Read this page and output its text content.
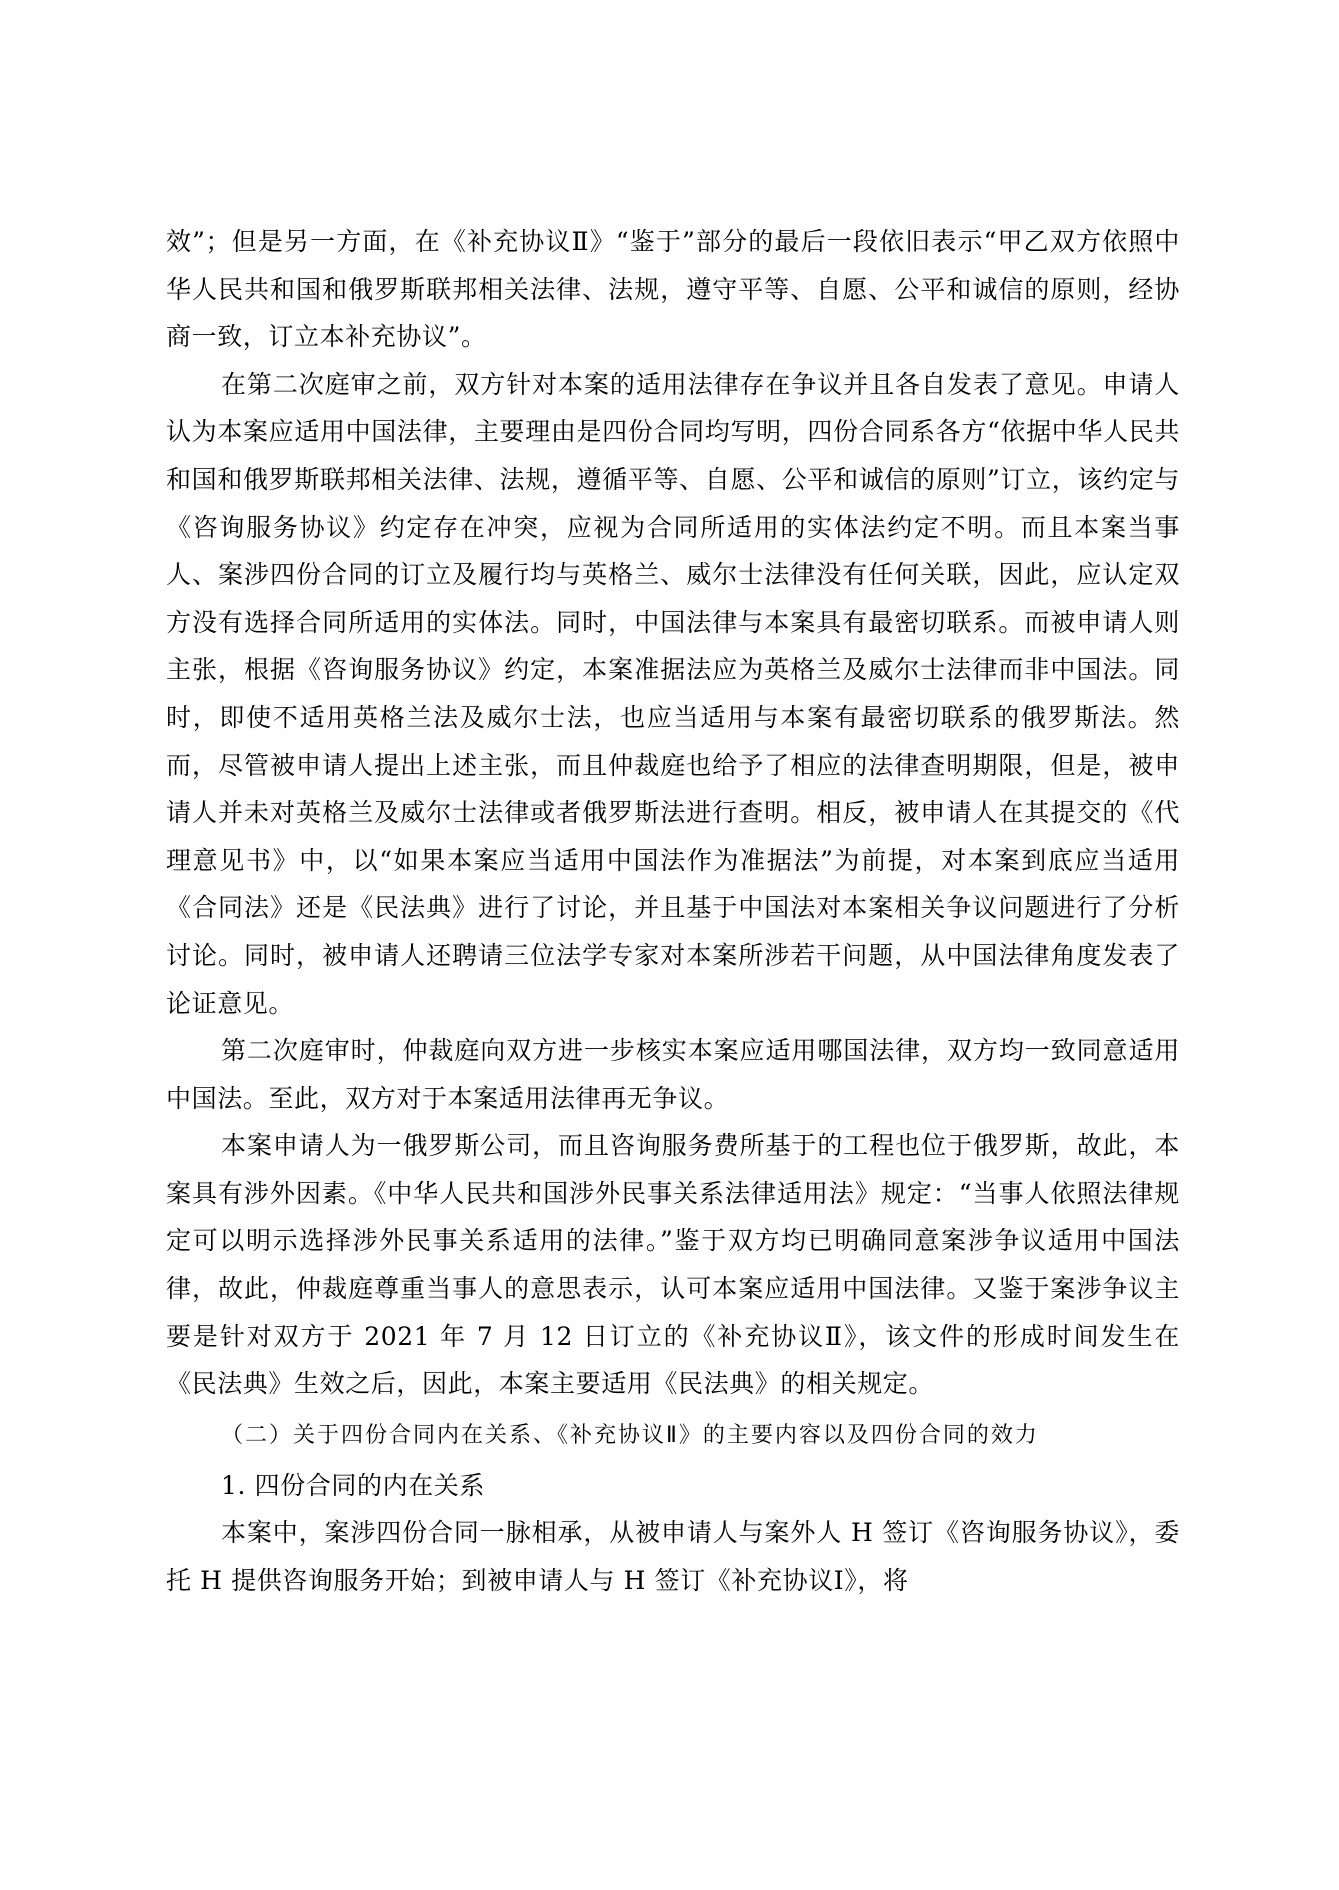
效”；但是另一方面，在《补充协议Ⅱ》“鉴于”部分的最后一段依旧表示“甲乙双方依照中华人民共和国和俄罗斯联邦相关法律、法规，遵守平等、自愿、公平和诚信的原则，经协商一致，订立本补充协议”。

在第二次庭审之前，双方针对本案的适用法律存在争议并且各自发表了意见。申请人认为本案应适用中国法律，主要理由是四份合同均写明，四份合同系各方“依据中华人民共和国和俄罗斯联邦相关法律、法规，遵循平等、自愿、公平和诚信的原则”订立，该约定与《咨询服务协议》约定存在冲突，应视为合同所适用的实体法约定不明。而且本案当事人、案涉四份合同的订立及履行均与英格兰、威尔士法律没有任何关联，因此，应认定双方没有选择合同所适用的实体法。同时，中国法律与本案具有最密切联系。而被申请人则主张，根据《咨询服务协议》约定，本案准据法应为英格兰及威尔士法律而非中国法。同时，即使不适用英格兰法及威尔士法，也应当适用与本案有最密切联系的俄罗斯法。然而，尽管被申请人提出上述主张，而且仲裁庭也给予了相应的法律查明期限，但是，被申请人并未对英格兰及威尔士法律或者俄罗斯法进行查明。相反，被申请人在其提交的《代理意见书》中，以“如果本案应当适用中国法作为准据法”为前提，对本案到底应当适用《合同法》还是《民法典》进行了讨论，并且基于中国法对本案相关争议问题进行了分析讨论。同时，被申请人还聘请三位法学专家对本案所涉若干问题，从中国法律角度发表了论证意见。

第二次庭审时，仲裁庭向双方进一步核实本案应适用哪国法律，双方均一致同意适用中国法。至此，双方对于本案适用法律再无争议。

本案申请人为一俄罗斯公司，而且咨询服务费所基于的工程也位于俄罗斯，故此，本案具有涉外因素。《中华人民共和国涉外民事关系法律适用法》规定：“当事人依照法律规定可以明示选择涉外民事关系适用的法律。”鉴于双方均已明确同意案涉争议适用中国法律，故此，仲裁庭尊重当事人的意思表示，认可本案应适用中国法律。又鉴于案涉争议主要是针对双方于 2021 年 7 月 12 日订立的《补充协议Ⅱ》，该文件的形成时间发生在《民法典》生效之后，因此，本案主要适用《民法典》的相关规定。

（二）关于四份合同内在关系、《补充协议Ⅱ》的主要内容以及四份合同的效力

1. 四份合同的内在关系

本案中，案涉四份合同一脉相承，从被申请人与案外人 H 签订《咨询服务协议》，委托 H 提供咨询服务开始；到被申请人与 H 签订《补充协议Ⅰ》，将
